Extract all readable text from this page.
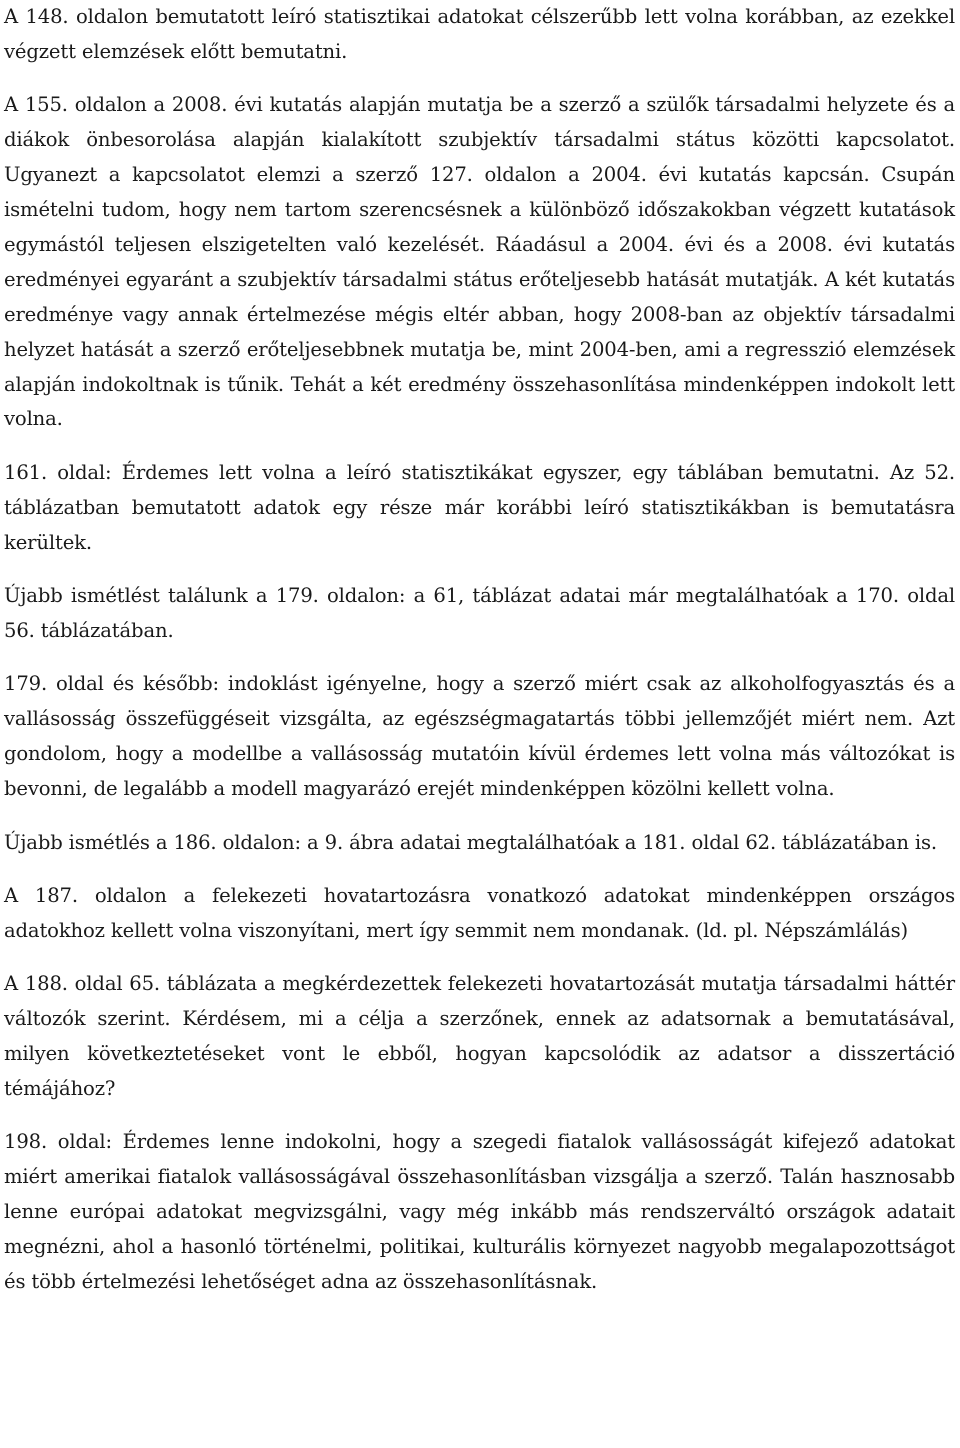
A 148. oldalon bemutatott leíró statisztikai adatokat célszerűbb lett volna korábban, az ezekkel végzett elemzések előtt bemutatni.

A 155. oldalon a 2008. évi kutatás alapján mutatja be a szerző a szülők társadalmi helyzete és a diákok önbesorolása alapján kialakított szubjektív társadalmi státus közötti kapcsolatot. Ugyanezt a kapcsolatot elemzi a szerző 127. oldalon a 2004. évi kutatás kapcsán. Csupán ismételni tudom, hogy nem tartom szerencsésnek a különböző időszakokban végzett kutatások egymástól teljesen elszigetelten való kezelését. Ráadásul a 2004. évi és a 2008. évi kutatás eredményei egyaránt a szubjektív társadalmi státus erőteljesebb hatását mutatják. A két kutatás eredménye vagy annak értelmezése mégis eltér abban, hogy 2008-ban az objektív társadalmi helyzet hatását a szerző erőteljesebbnek mutatja be, mint 2004-ben, ami a regresszió elemzések alapján indokoltnak is tűnik. Tehát a két eredmény összehasonlítása mindenképpen indokolt lett volna.

161. oldal: Érdemes lett volna a leíró statisztikákat egyszer, egy táblában bemutatni. Az 52. táblázatban bemutatott adatok egy része már korábbi leíró statisztikákban is bemutatásra kerültek.

Újabb ismétlést találunk a 179. oldalon: a 61, táblázat adatai már megtalálhatóak a 170. oldal 56. táblázatában.

179. oldal és később: indoklást igényelne, hogy a szerző miért csak az alkoholfogyasztás és a vallásosság összefüggéseit vizsgálta, az egészségmagatartás többi jellemzőjét miért nem. Azt gondolom, hogy a modellbe a vallásosság mutatóin kívül érdemes lett volna más változókat is bevonni, de legalább a modell magyarázó erejét mindenképpen közölni kellett volna.

Újabb ismétlés a 186. oldalon: a 9. ábra adatai megtalálhatóak a 181. oldal 62. táblázatában is.

A 187. oldalon a felekezeti hovatartozásra vonatkozó adatokat mindenképpen országos adatokhoz kellett volna viszonyítani, mert így semmit nem mondanak. (ld. pl. Népszámlálás)

A 188. oldal 65. táblázata a megkérdezettek felekezeti hovatartozását mutatja társadalmi háttér változók szerint. Kérdésem, mi a célja a szerzőnek, ennek az adatsornak a bemutatásával, milyen következtetéseket vont le ebből, hogyan kapcsolódik az adatsor a disszertáció témájához?

198. oldal: Érdemes lenne indokolni, hogy a szegedi fiatalok vallásosságát kifejező adatokat miért amerikai fiatalok vallásosságával összehasonlításban vizsgálja a szerző. Talán hasznosabb lenne európai adatokat megvizsgálni, vagy még inkább más rendszerváltó országok adatait megnézni, ahol a hasonló történelmi, politikai, kulturális környezet nagyobb megalapozottságot és több értelmezési lehetőséget adna az összehasonlításnak.
